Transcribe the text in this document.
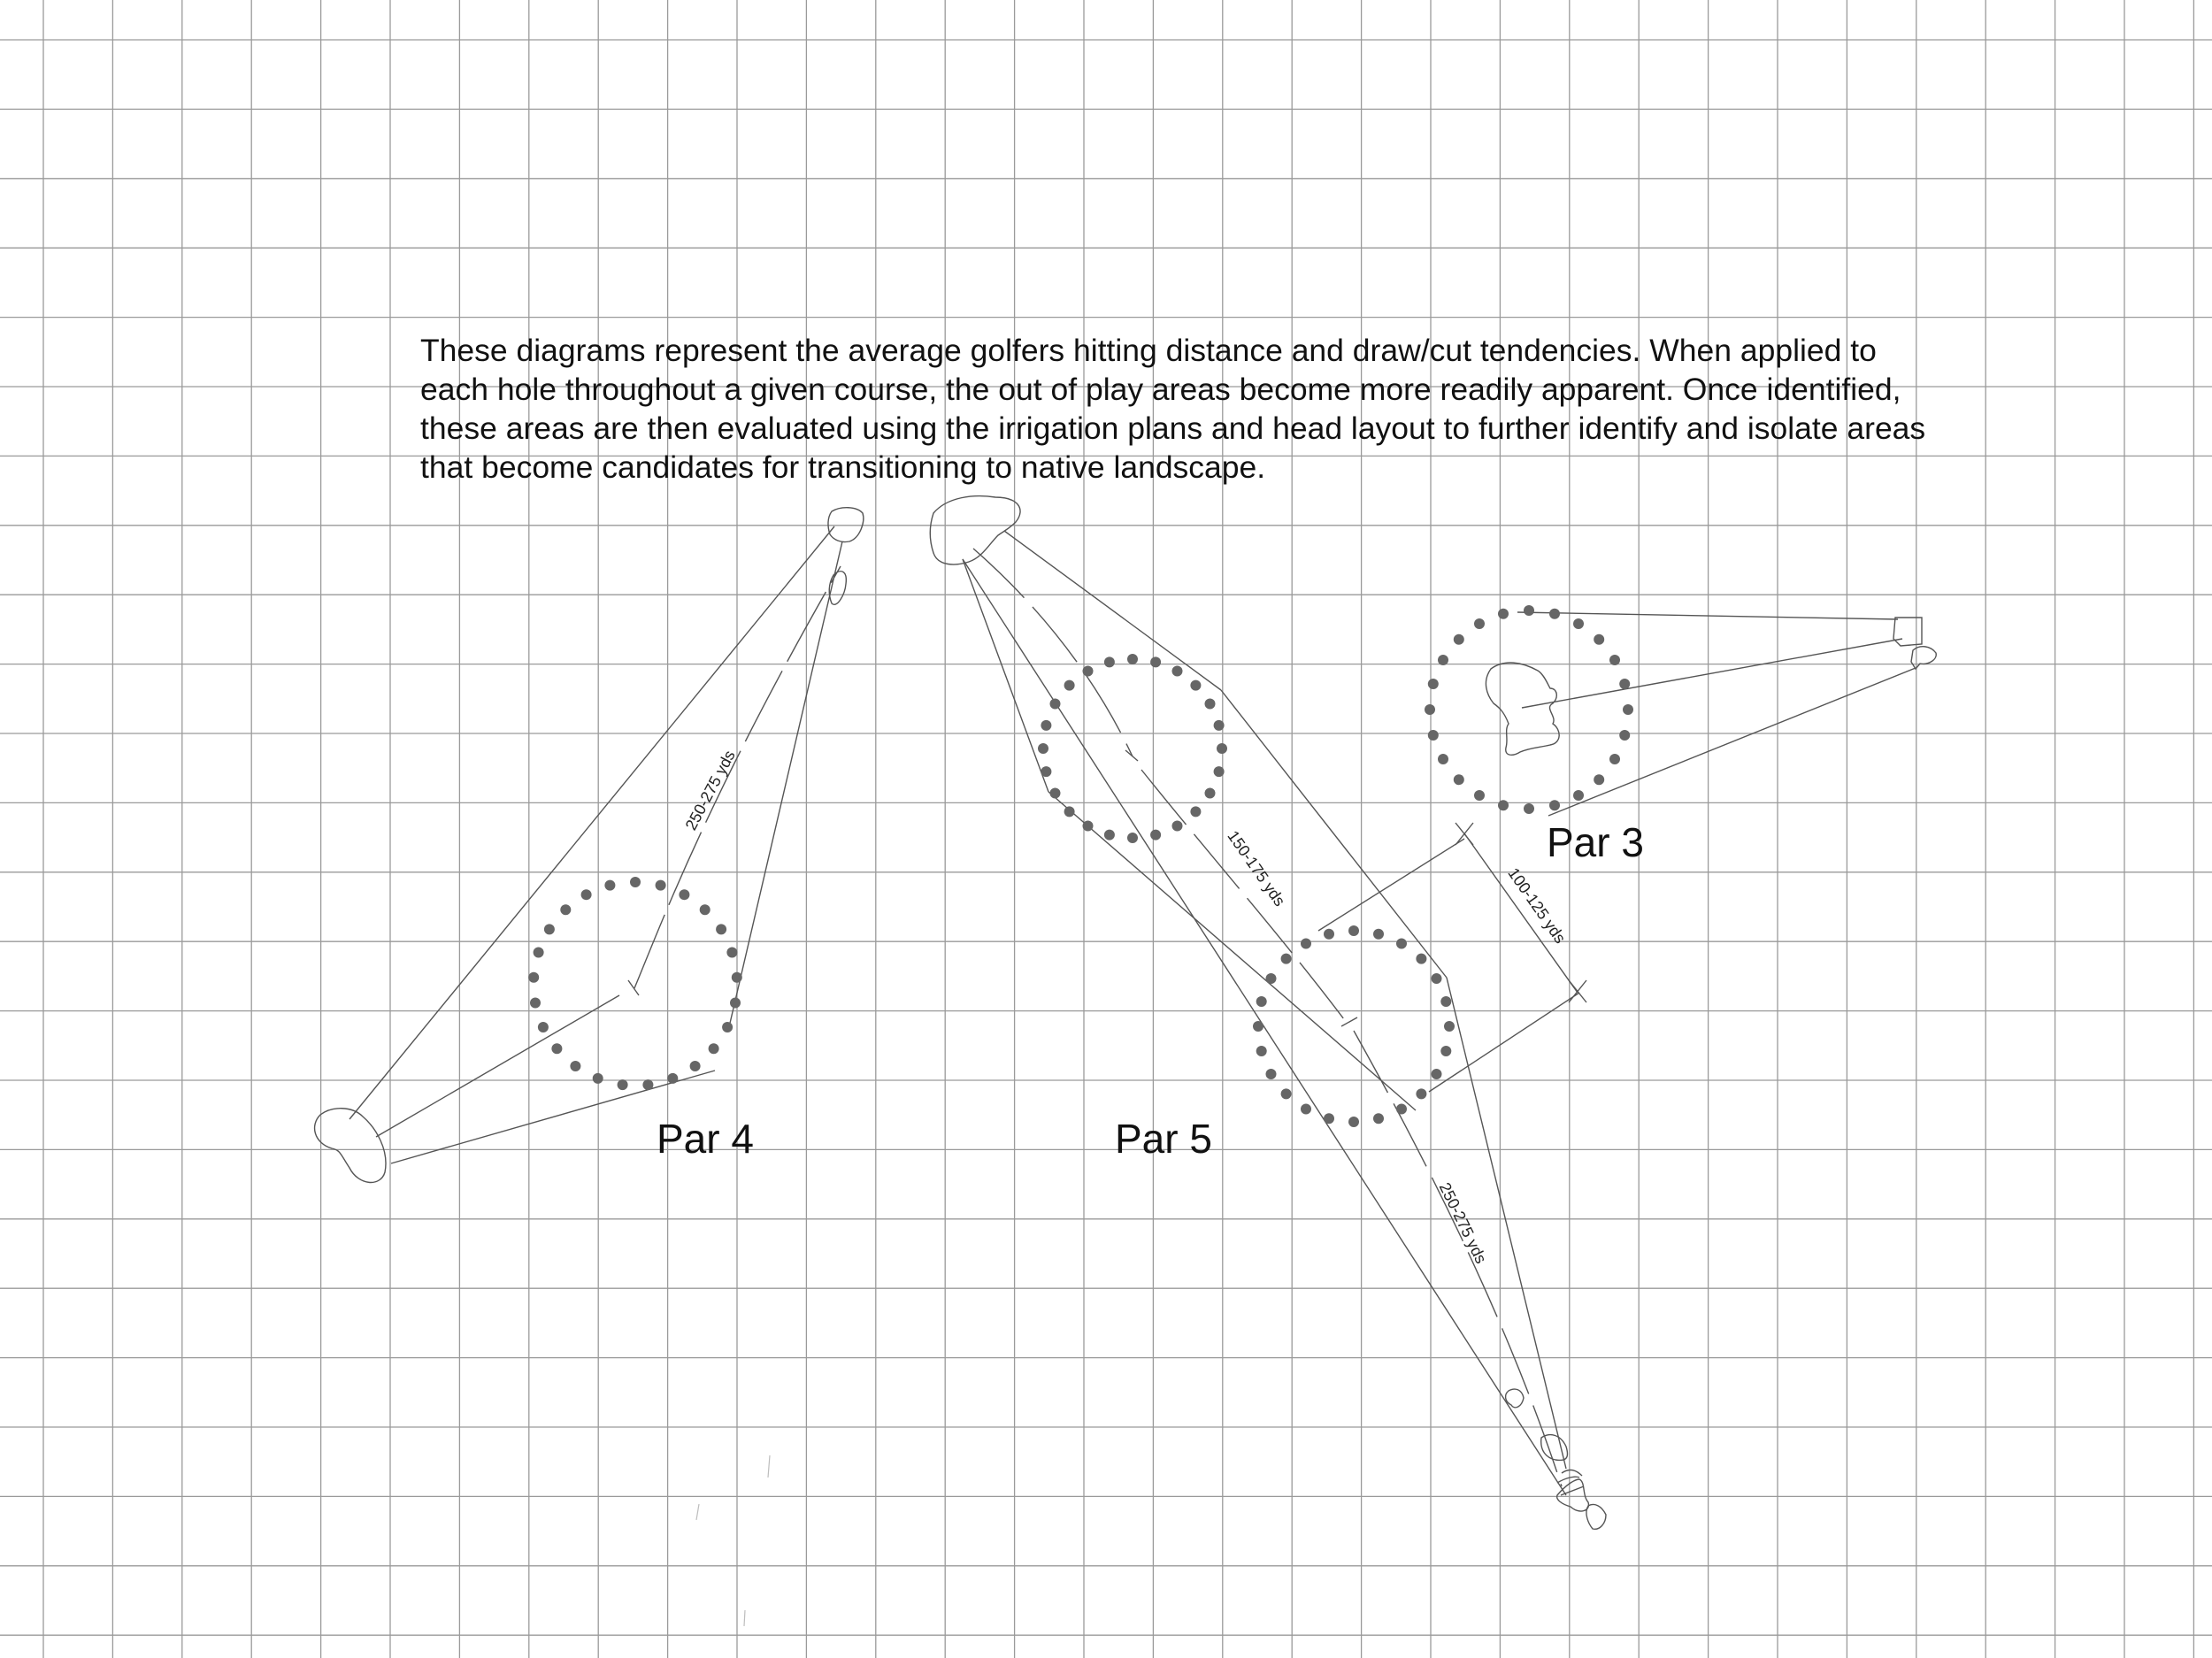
250-275 yds
150-175 yds
250-275 yds
100-125 yds

These diagrams represent the average golfers hitting distance and draw/cut tendencies. When applied to each hole throughout a given course, the out of play areas become more readily apparent. Once identified, these areas are then evaluated using the irrigation plans and head layout to further identify and isolate areas that become candidates for transitioning to native landscape.

Par 4	Par 5
Par 3
